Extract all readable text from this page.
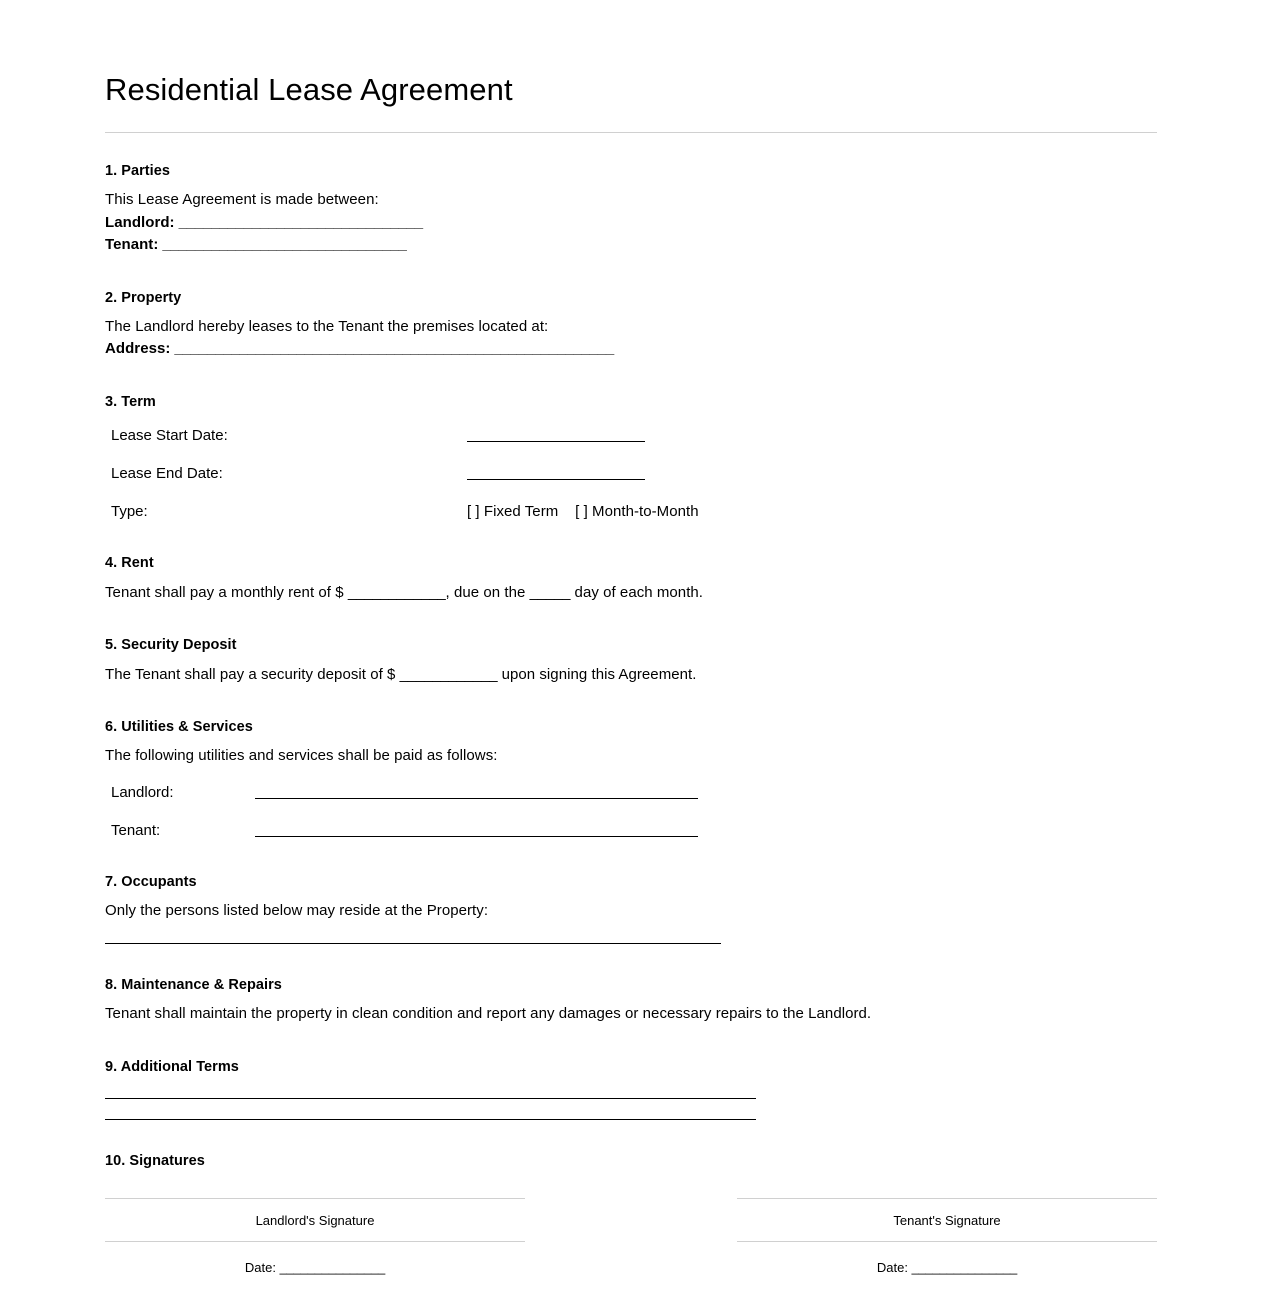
Residential Lease Agreement
1. Parties
This Lease Agreement is made between:
Landlord: ______________________________
Tenant: ______________________________
2. Property
The Landlord hereby leases to the Tenant the premises located at:
Address: ______________________________________________________
3. Term
Lease Start Date:
Lease End Date:
Type:	[ ] Fixed Term    [ ] Month-to-Month
4. Rent
Tenant shall pay a monthly rent of $ ____________, due on the _____ day of each month.
5. Security Deposit
The Tenant shall pay a security deposit of $ ____________ upon signing this Agreement.
6. Utilities & Services
The following utilities and services shall be paid as follows:
Landlord:
Tenant:
7. Occupants
Only the persons listed below may reside at the Property:
8. Maintenance & Repairs
Tenant shall maintain the property in clean condition and report any damages or necessary repairs to the Landlord.
9. Additional Terms
10. Signatures
Landlord's Signature
Date: _______________
Tenant's Signature
Date: _______________
